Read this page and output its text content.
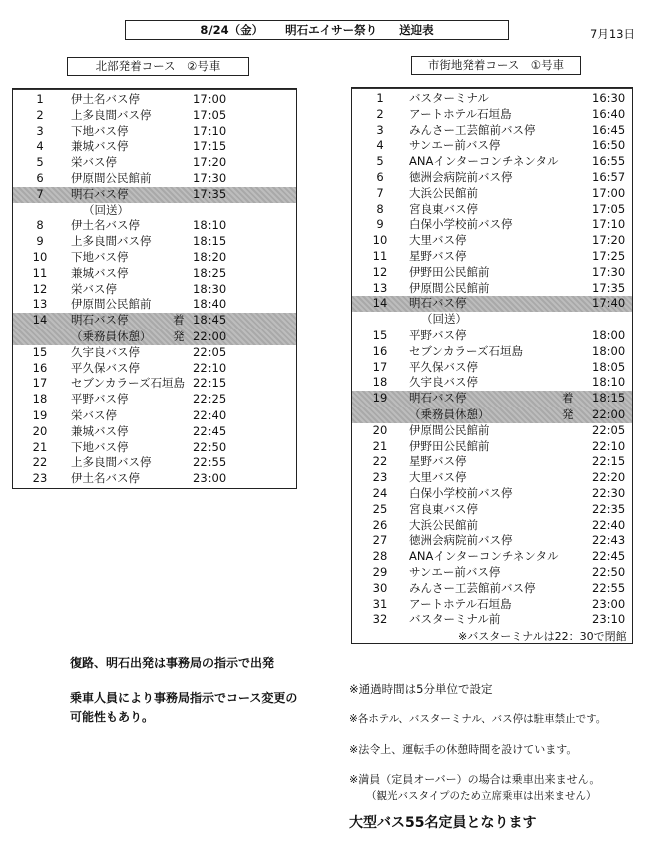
8/24（金） 明石エイサー祭り 送迎表	7月13日
北部発着コース　②号車	市街地発着コース　①号車
1	伊土名バス停	17:00
2	上多良間バス停	17:05
3	下地バス停	17:10
4	兼城バス停	17:15
5	栄バス停	17:20
6	伊原間公民館前	17:30
7	明石バス停	17:35
（回送）
8	伊土名バス停	18:10
9	上多良間バス停	18:15
10	下地バス停	18:20
11	兼城バス停	18:25
12	栄バス停	18:30
13	伊原間公民館前	18:40
14	明石バス停	着 18:45
（乗務員休憩） 発 22:00
15	久宇良バス停	22:05
16	平久保バス停	22:10
17	セブンカラーズ石垣島 22:15
18	平野バス停	22:25
19	栄バス停	22:40
20	兼城バス停	22:45
21	下地バス停	22:50
22	上多良間バス停	22:55
23	伊土名バス停	23:00
1	バスターミナル	16:30
2	アートホテル石垣島	16:40
3	みんさー工芸館前バス停	16:45
4	サンエー前バス停	16:50
5	ANAインターコンチネンタル	16:55
6	徳洲会病院前バス停	16:57
7	大浜公民館前	17:00
8	宮良東バス停	17:05
9	白保小学校前バス停	17:10
10	大里バス停	17:20
11	星野バス停	17:25
12	伊野田公民館前	17:30
13	伊原間公民館前	17:35
14	明石バス停	17:40
（回送）
15	平野バス停	18:00
16	セブンカラーズ石垣島	18:00
17	平久保バス停	18:05
18	久宇良バス停	18:10
19	明石バス停	着 18:15
（乗務員休憩）	発 22:00
20	伊原間公民館前	22:05
21	伊野田公民館前	22:10
22	星野バス停	22:15
23	大里バス停	22:20
24	白保小学校前バス停	22:30
25	宮良東バス停	22:35
26	大浜公民館前	22:40
27	徳洲会病院前バス停	22:43
28	ANAインターコンチネンタル	22:45
29	サンエー前バス停	22:50
30	みんさー工芸館前バス停	22:55
31	アートホテル石垣島	23:00
32	バスターミナル前	23:10
※バスターミナルは22：30で閉館
復路、明石出発は事務局の指示で出発
乗車人員により事務局指示でコース変更の
可能性もあり。
※通過時間は5分単位で設定
※各ホテル、バスターミナル、バス停は駐車禁止です。
※法令上、運転手の休憩時間を設けています。
※満員（定員オーバー）の場合は乗車出来ません。
（観光バスタイプのため立席乗車は出来ません）
大型バス55名定員となります
